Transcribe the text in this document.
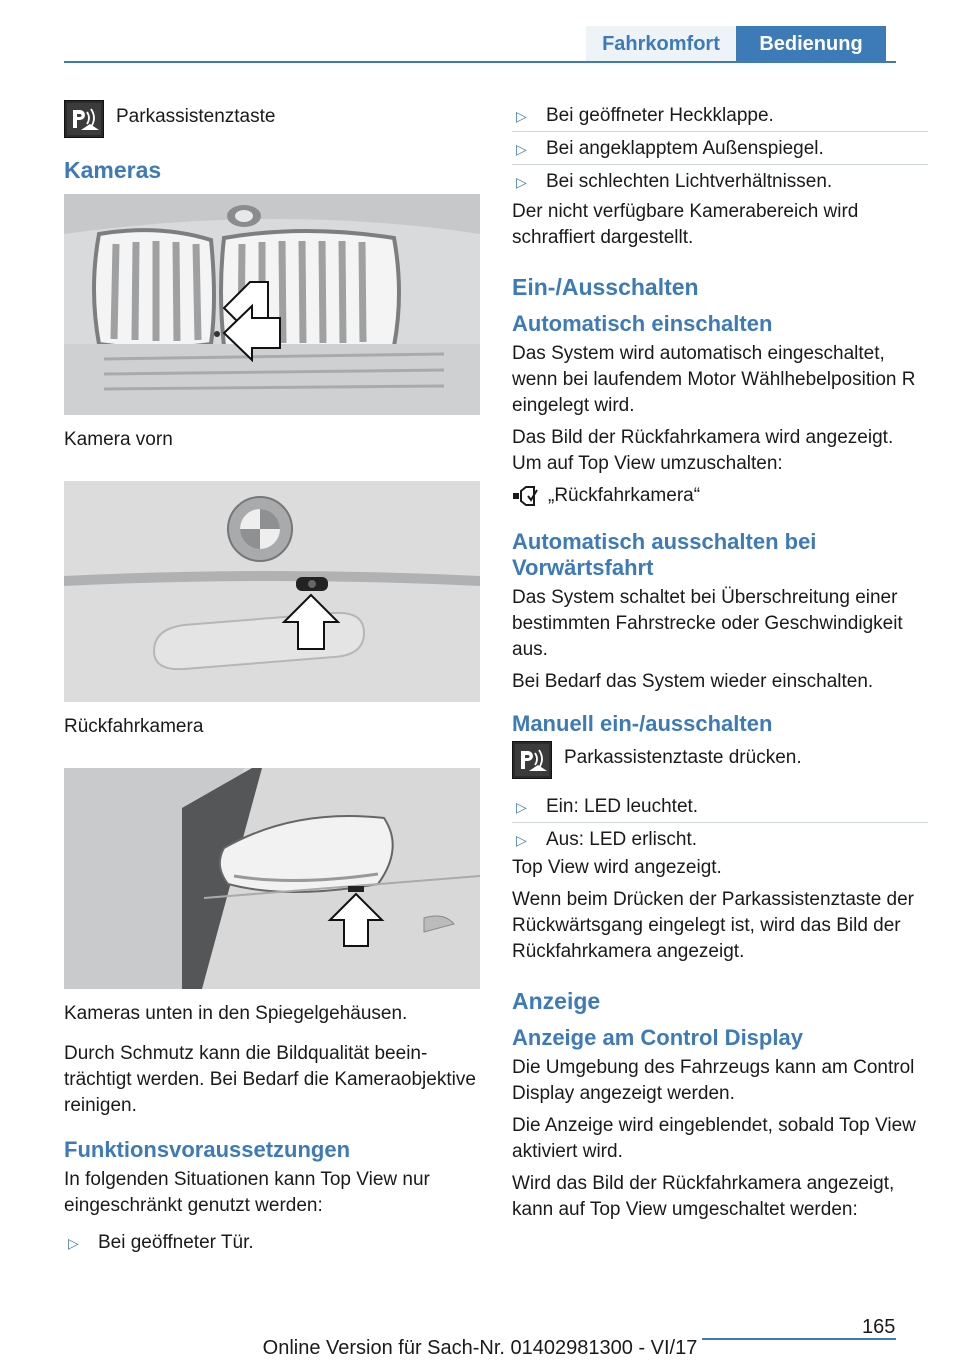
Fahrkomfort	Bedienung
Parkassistenztaste
Kameras
Kamera vorn
Rückfahrkamera
Kameras unten in den Spiegelgehäusen.
Durch Schmutz kann die Bildqualität beeinträchtigt werden. Bei Bedarf die Kameraobjektive reinigen.
Funktionsvoraussetzungen
In folgenden Situationen kann Top View nur eingeschränkt genutzt werden:
▷	Bei geöffneter Tür.
▷	Bei geöffneter Heckklappe.
▷	Bei angeklapptem Außenspiegel.
▷	Bei schlechten Lichtverhältnissen.
Der nicht verfügbare Kamerabereich wird schraffiert dargestellt.
Ein-/Ausschalten
Automatisch einschalten
Das System wird automatisch eingeschaltet, wenn bei laufendem Motor Wählhebelposition R eingelegt wird.
Das Bild der Rückfahrkamera wird angezeigt. Um auf Top View umzuschalten:
„Rückfahrkamera“
Automatisch ausschalten bei Vorwärtsfahrt
Das System schaltet bei Überschreitung einer bestimmten Fahrstrecke oder Geschwindigkeit aus.
Bei Bedarf das System wieder einschalten.
Manuell ein-/ausschalten
Parkassistenztaste drücken.
▷	Ein: LED leuchtet.
▷	Aus: LED erlischt.
Top View wird angezeigt.
Wenn beim Drücken der Parkassistenztaste der Rückwärtsgang eingelegt ist, wird das Bild der Rückfahrkamera angezeigt.
Anzeige
Anzeige am Control Display
Die Umgebung des Fahrzeugs kann am Control Display angezeigt werden.
Die Anzeige wird eingeblendet, sobald Top View aktiviert wird.
Wird das Bild der Rückfahrkamera angezeigt, kann auf Top View umgeschaltet werden:
165
Online Version für Sach-Nr. 01402981300 - VI/17
